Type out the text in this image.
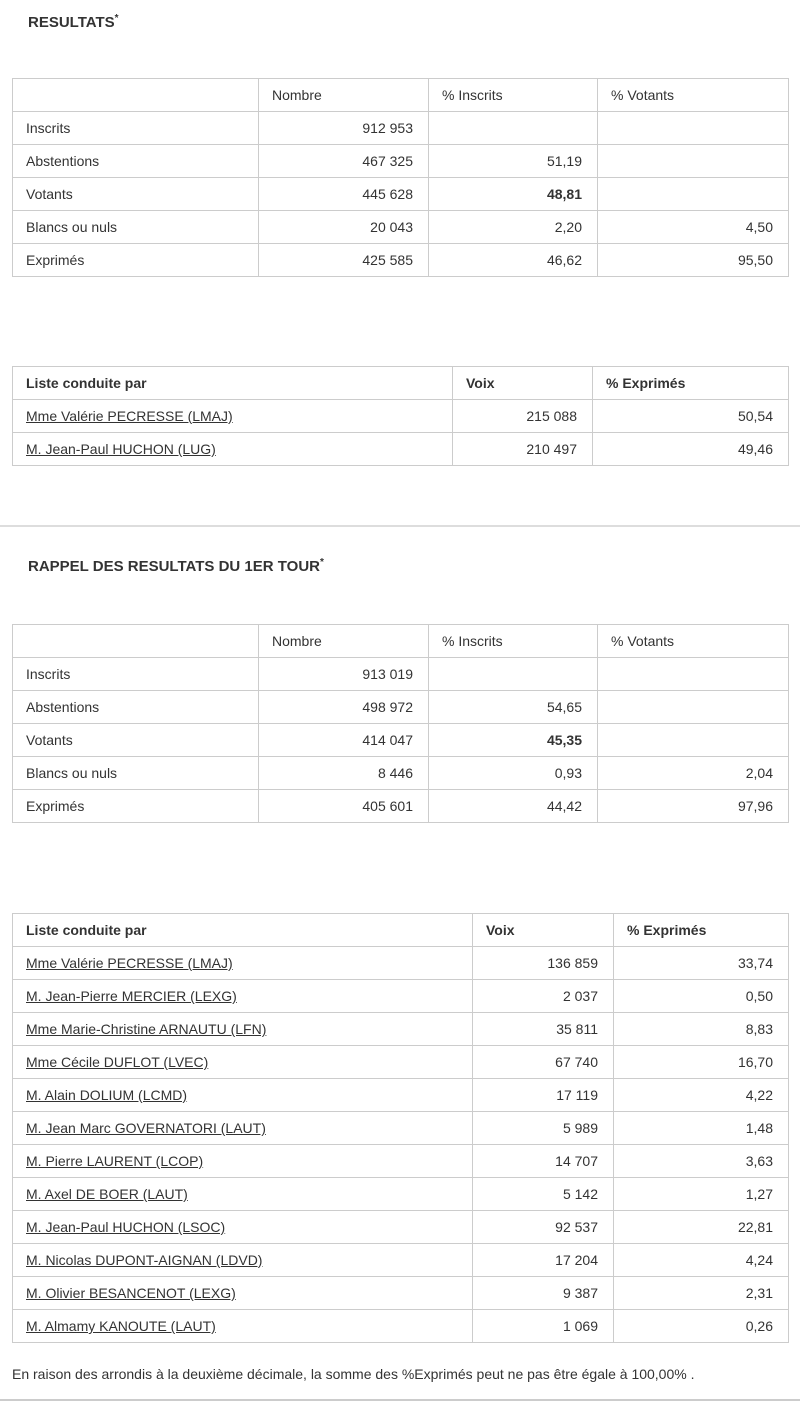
RESULTATS*
	Nombre	% Inscrits	% Votants
Inscrits	912 953		
Abstentions	467 325	51,19	
Votants	445 628	48,81	
Blancs ou nuls	20 043	2,20	4,50
Exprimés	425 585	46,62	95,50
Liste conduite par	Voix	% Exprimés
Mme Valérie PECRESSE (LMAJ)	215 088	50,54
M. Jean-Paul HUCHON (LUG)	210 497	49,46
RAPPEL DES RESULTATS DU 1ER TOUR*
	Nombre	% Inscrits	% Votants
Inscrits	913 019		
Abstentions	498 972	54,65	
Votants	414 047	45,35	
Blancs ou nuls	8 446	0,93	2,04
Exprimés	405 601	44,42	97,96
Liste conduite par	Voix	% Exprimés
Mme Valérie PECRESSE (LMAJ)	136 859	33,74
M. Jean-Pierre MERCIER (LEXG)	2 037	0,50
Mme Marie-Christine ARNAUTU (LFN)	35 811	8,83
Mme Cécile DUFLOT (LVEC)	67 740	16,70
M. Alain DOLIUM (LCMD)	17 119	4,22
M. Jean Marc GOVERNATORI (LAUT)	5 989	1,48
M. Pierre LAURENT (LCOP)	14 707	3,63
M. Axel DE BOER (LAUT)	5 142	1,27
M. Jean-Paul HUCHON (LSOC)	92 537	22,81
M. Nicolas DUPONT-AIGNAN (LDVD)	17 204	4,24
M. Olivier BESANCENOT (LEXG)	9 387	2,31
M. Almamy KANOUTE (LAUT)	1 069	0,26

En raison des arrondis à la deuxième décimale, la somme des %Exprimés peut ne pas être égale à 100,00% .
